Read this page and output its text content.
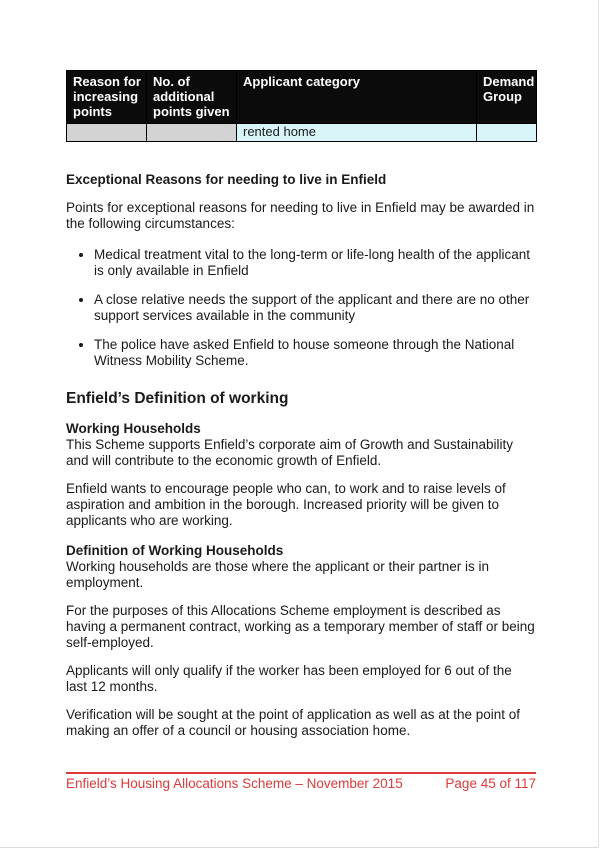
Reason for increasing points	No. of additional points given	Applicant category	Demand Group
		rented home	
Exceptional Reasons for needing to live in Enfield

Points for exceptional reasons for needing to live in Enfield may be awarded in the following circumstances:

• Medical treatment vital to the long-term or life-long health of the applicant is only available in Enfield
• A close relative needs the support of the applicant and there are no other support services available in the community
• The police have asked Enfield to house someone through the National Witness Mobility Scheme.
Enfield’s Definition of working
Working Households

This Scheme supports Enfield’s corporate aim of Growth and Sustainability and will contribute to the economic growth of Enfield.

Enfield wants to encourage people who can, to work and to raise levels of aspiration and ambition in the borough. Increased priority will be given to applicants who are working.

Definition of Working Households

Working households are those where the applicant or their partner is in employment.

For the purposes of this Allocations Scheme employment is described as having a permanent contract, working as a temporary member of staff or being self-employed.

Applicants will only qualify if the worker has been employed for 6 out of the last 12 months.

Verification will be sought at the point of application as well as at the point of making an offer of a council or housing association home.

Enfield’s Housing Allocations Scheme – November 2015	Page 45 of 117
